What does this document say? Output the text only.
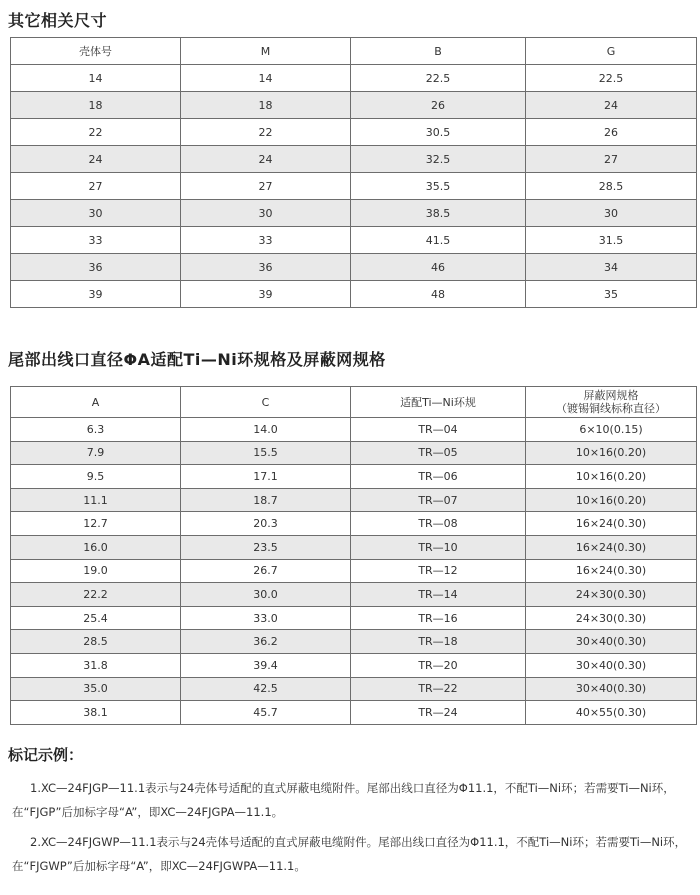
其它相关尺寸
壳体号	M	B	G
14	14	22.5	22.5
18	18	26	24
22	22	30.5	26
24	24	32.5	27
27	27	35.5	28.5
30	30	38.5	30
33	33	41.5	31.5
36	36	46	34
39	39	48	35
尾部出线口直径ΦA适配Ti—Ni环规格及屏蔽网规格
A	C	适配Ti—Ni环规	屏蔽网规格
（镀锡铜线标称直径）

6.3	14.0	TR—04	6×10(0.15)
7.9	15.5	TR—05	10×16(0.20)
9.5	17.1	TR—06	10×16(0.20)
11.1	18.7	TR—07	10×16(0.20)
12.7	20.3	TR—08	16×24(0.30)
16.0	23.5	TR—10	16×24(0.30)
19.0	26.7	TR—12	16×24(0.30)
22.2	30.0	TR—14	24×30(0.30)
25.4	33.0	TR—16	24×30(0.30)
28.5	36.2	TR—18	30×40(0.30)
31.8	39.4	TR—20	30×40(0.30)
35.0	42.5	TR—22	30×40(0.30)
38.1	45.7	TR—24	40×55(0.30)
标记示例：
1.XC—24FJGP—11.1表示与24壳体号适配的直式屏蔽电缆附件。尾部出线口直径为Φ11.1，不配Ti—Ni环；若需要Ti—Ni环，在“FJGP”后加标字母“A”，即XC—24FJGPA—11.1。
2.XC—24FJGWP—11.1表示与24壳体号适配的直式屏蔽电缆附件。尾部出线口直径为Φ11.1，不配Ti—Ni环；若需要Ti—Ni环，在“FJGWP”后加标字母“A”，即XC—24FJGWPA—11.1。
